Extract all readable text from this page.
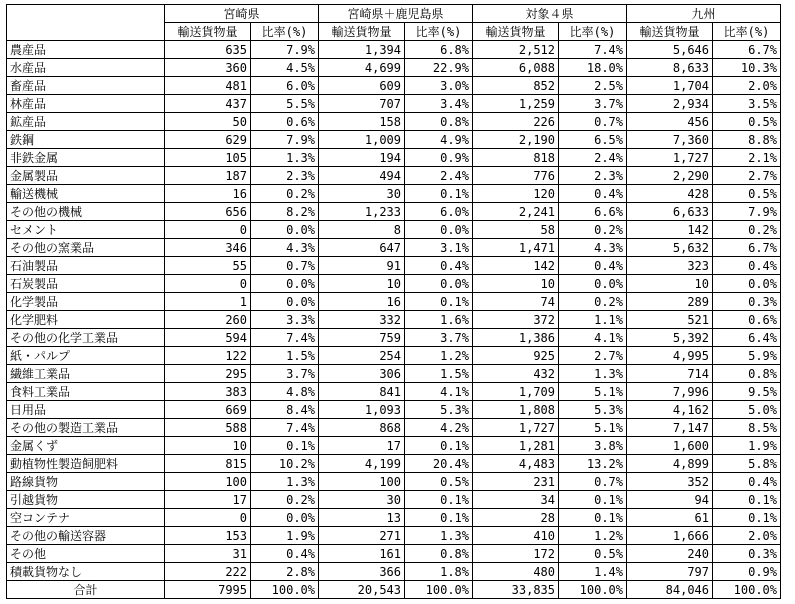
	宮崎県		宮崎県＋鹿児島県		対象４県		九州	
	輸送貨物量	比率(%)	輸送貨物量	比率(%)	輸送貨物量	比率(%)	輸送貨物量	比率(%)
農産品	635	7.9%	1,394	6.8%	2,512	7.4%	5,646	6.7%
水産品	360	4.5%	4,699	22.9%	6,088	18.0%	8,633	10.3%
畜産品	481	6.0%	609	3.0%	852	2.5%	1,704	2.0%
林産品	437	5.5%	707	3.4%	1,259	3.7%	2,934	3.5%
鉱産品	50	0.6%	158	0.8%	226	0.7%	456	0.5%
鉄鋼	629	7.9%	1,009	4.9%	2,190	6.5%	7,360	8.8%
非鉄金属	105	1.3%	194	0.9%	818	2.4%	1,727	2.1%
金属製品	187	2.3%	494	2.4%	776	2.3%	2,290	2.7%
輸送機械	16	0.2%	30	0.1%	120	0.4%	428	0.5%
その他の機械	656	8.2%	1,233	6.0%	2,241	6.6%	6,633	7.9%
セメント	0	0.0%	8	0.0%	58	0.2%	142	0.2%
その他の窯業品	346	4.3%	647	3.1%	1,471	4.3%	5,632	6.7%
石油製品	55	0.7%	91	0.4%	142	0.4%	323	0.4%
石炭製品	0	0.0%	10	0.0%	10	0.0%	10	0.0%
化学製品	1	0.0%	16	0.1%	74	0.2%	289	0.3%
化学肥料	260	3.3%	332	1.6%	372	1.1%	521	0.6%
その他の化学工業品	594	7.4%	759	3.7%	1,386	4.1%	5,392	6.4%
紙・パルプ	122	1.5%	254	1.2%	925	2.7%	4,995	5.9%
繊維工業品	295	3.7%	306	1.5%	432	1.3%	714	0.8%
食料工業品	383	4.8%	841	4.1%	1,709	5.1%	7,996	9.5%
日用品	669	8.4%	1,093	5.3%	1,808	5.3%	4,162	5.0%
その他の製造工業品	588	7.4%	868	4.2%	1,727	5.1%	7,147	8.5%
金属くず	10	0.1%	17	0.1%	1,281	3.8%	1,600	1.9%
動植物性製造飼肥料	815	10.2%	4,199	20.4%	4,483	13.2%	4,899	5.8%
路線貨物	100	1.3%	100	0.5%	231	0.7%	352	0.4%
引越貨物	17	0.2%	30	0.1%	34	0.1%	94	0.1%
空コンテナ	0	0.0%	13	0.1%	28	0.1%	61	0.1%
その他の輸送容器	153	1.9%	271	1.3%	410	1.2%	1,666	2.0%
その他	31	0.4%	161	0.8%	172	0.5%	240	0.3%
積載貨物なし	222	2.8%	366	1.8%	480	1.4%	797	0.9%
合計	7995	100.0%	20,543	100.0%	33,835	100.0%	84,046	100.0%
